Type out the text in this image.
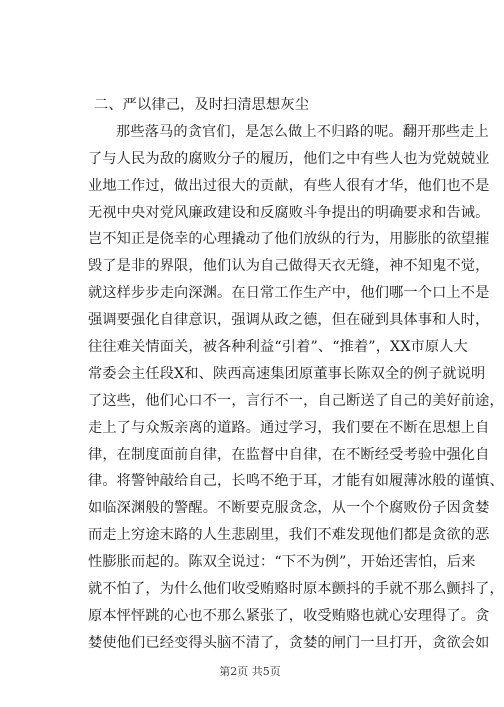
二、严以律己，及时扫清思想灰尘
那些落马的贪官们，是怎么做上不归路的呢。翻开那些走上
了与人民为敌的腐败分子的履历，他们之中有些人也为党兢兢业
业地工作过，做出过很大的贡献，有些人很有才华，他们也不是
无视中央对党风廉政建设和反腐败斗争提出的明确要求和告诫。
岂不知正是侥幸的心理撬动了他们放纵的行为，用膨胀的欲望摧
毁了是非的界限，他们认为自己做得天衣无缝，神不知鬼不觉，
就这样步步走向深渊。在日常工作生产中，他们哪一个口上不是
强调要强化自律意识，强调从政之德，但在碰到具体事和人时，
往往难关情面关，被各种利益“引着”、“推着”，XX市原人大
常委会主任段X和、陕西高速集团原董事长陈双全的例子就说明
了这些，他们心口不一，言行不一，自己断送了自己的美好前途，
走上了与众叛亲离的道路。通过学习，我们要在不断在思想上自
律，在制度面前自律，在监督中自律，在不断经受考验中强化自
律。将警钟敲给自己，长鸣不绝于耳，才能有如履薄冰般的谨慎、
如临深渊般的警醒。不断要克服贪念，从一个个腐败份子因贪婪
而走上穷途末路的人生悲剧里，我们不难发现他们都是贪欲的恶
性膨胀而起的。陈双全说过：“下不为例”，开始还害怕，后来
就不怕了，为什么他们收受贿赂时原本颤抖的手就不那么颤抖了，
原本怦怦跳的心也不那么紧张了，收受贿赂也就心安理得了。贪
婪使他们已经变得头脑不清了，贪婪的闸门一旦打开，贪欲会如
第2页 共5页
